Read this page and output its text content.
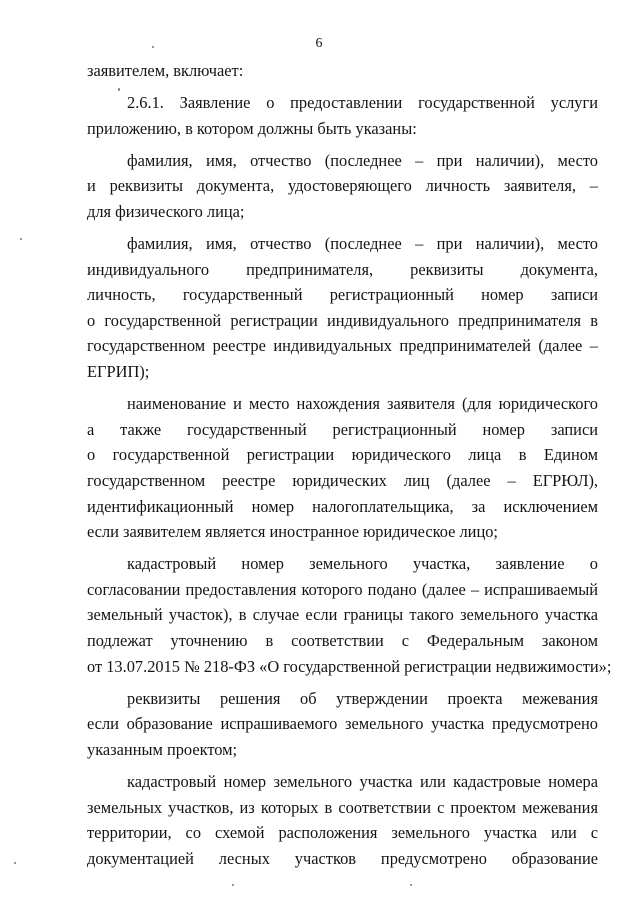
6
заявителем, включает:
2.6.1. Заявление о предоставлении государственной услуги
приложению, в котором должны быть указаны:
фамилия, имя, отчество (последнее – при наличии), место
и реквизиты документа, удостоверяющего личность заявителя, –
для физического лица;
фамилия, имя, отчество (последнее – при наличии), место
индивидуального предпринимателя, реквизиты документа,
личность, государственный регистрационный номер записи
о государственной регистрации индивидуального предпринимателя в
государственном реестре индивидуальных предпринимателей (далее –
ЕГРИП);
наименование и место нахождения заявителя (для юридического
а также государственный регистрационный номер записи
о государственной регистрации юридического лица в Едином
государственном реестре юридических лиц (далее – ЕГРЮЛ),
идентификационный номер налогоплательщика, за исключением
если заявителем является иностранное юридическое лицо;
кадастровый номер земельного участка, заявление о
согласовании предоставления которого подано (далее – испрашиваемый
земельный участок), в случае если границы такого земельного участка
подлежат уточнению в соответствии с Федеральным законом
от 13.07.2015 № 218-ФЗ «О государственной регистрации недвижимости»;
реквизиты решения об утверждении проекта межевания
если образование испрашиваемого земельного участка предусмотрено
указанным проектом;
кадастровый номер земельного участка или кадастровые номера
земельных участков, из которых в соответствии с проектом межевания
территории, со схемой расположения земельного участка или с
документацией лесных участков предусмотрено образование
